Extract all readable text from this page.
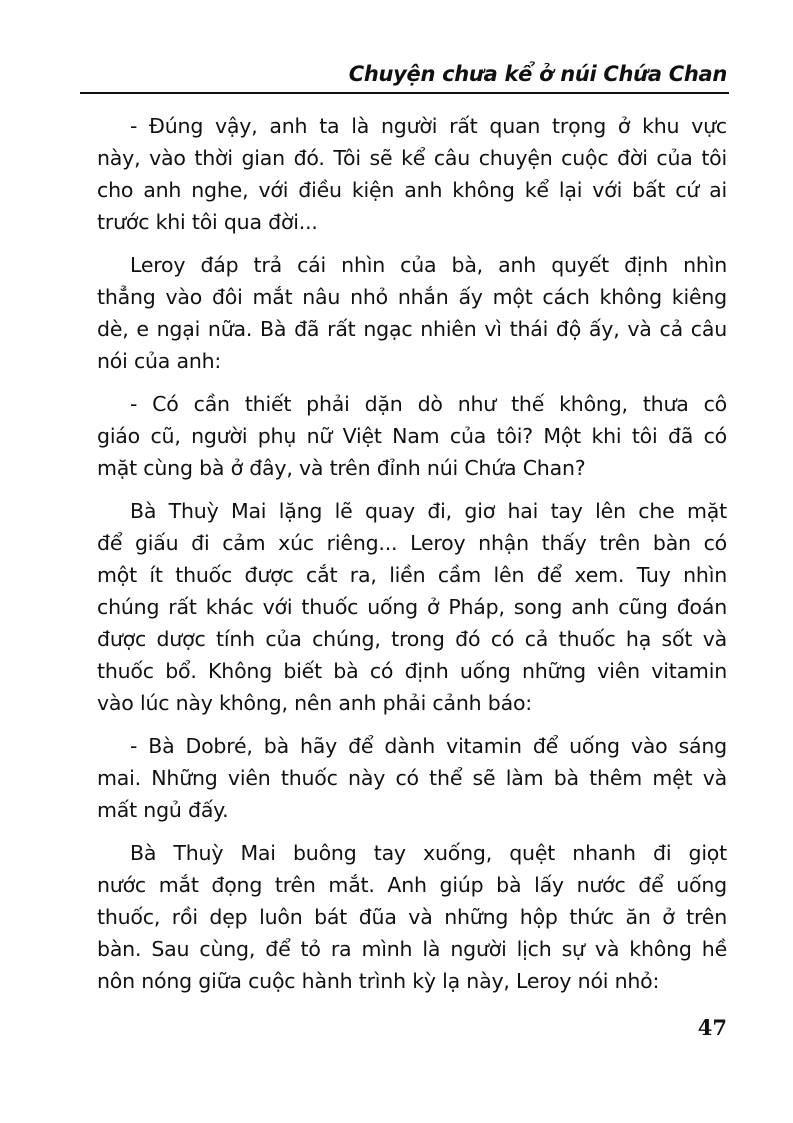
Chuyện chưa kể ở núi Chứa Chan
- Đúng vậy, anh ta là người rất quan trọng ở khu vực
này, vào thời gian đó. Tôi sẽ kể câu chuyện cuộc đời của tôi
cho anh nghe, với điều kiện anh không kể lại với bất cứ ai
trước khi tôi qua đời...
Leroy đáp trả cái nhìn của bà, anh quyết định nhìn
thẳng vào đôi mắt nâu nhỏ nhắn ấy một cách không kiêng
dè, e ngại nữa. Bà đã rất ngạc nhiên vì thái độ ấy, và cả câu
nói của anh:
- Có cần thiết phải dặn dò như thế không, thưa cô
giáo cũ, người phụ nữ Việt Nam của tôi? Một khi tôi đã có
mặt cùng bà ở đây, và trên đỉnh núi Chứa Chan?
Bà Thuỳ Mai lặng lẽ quay đi, giơ hai tay lên che mặt
để giấu đi cảm xúc riêng... Leroy nhận thấy trên bàn có
một ít thuốc được cắt ra, liền cầm lên để xem. Tuy nhìn
chúng rất khác với thuốc uống ở Pháp, song anh cũng đoán
được dược tính của chúng, trong đó có cả thuốc hạ sốt và
thuốc bổ. Không biết bà có định uống những viên vitamin
vào lúc này không, nên anh phải cảnh báo:
- Bà Dobré, bà hãy để dành vitamin để uống vào sáng
mai. Những viên thuốc này có thể sẽ làm bà thêm mệt và
mất ngủ đấy.
Bà Thuỳ Mai buông tay xuống, quệt nhanh đi giọt
nước mắt đọng trên mắt. Anh giúp bà lấy nước để uống
thuốc, rồi dẹp luôn bát đũa và những hộp thức ăn ở trên
bàn. Sau cùng, để tỏ ra mình là người lịch sự và không hề
nôn nóng giữa cuộc hành trình kỳ lạ này, Leroy nói nhỏ:
47
